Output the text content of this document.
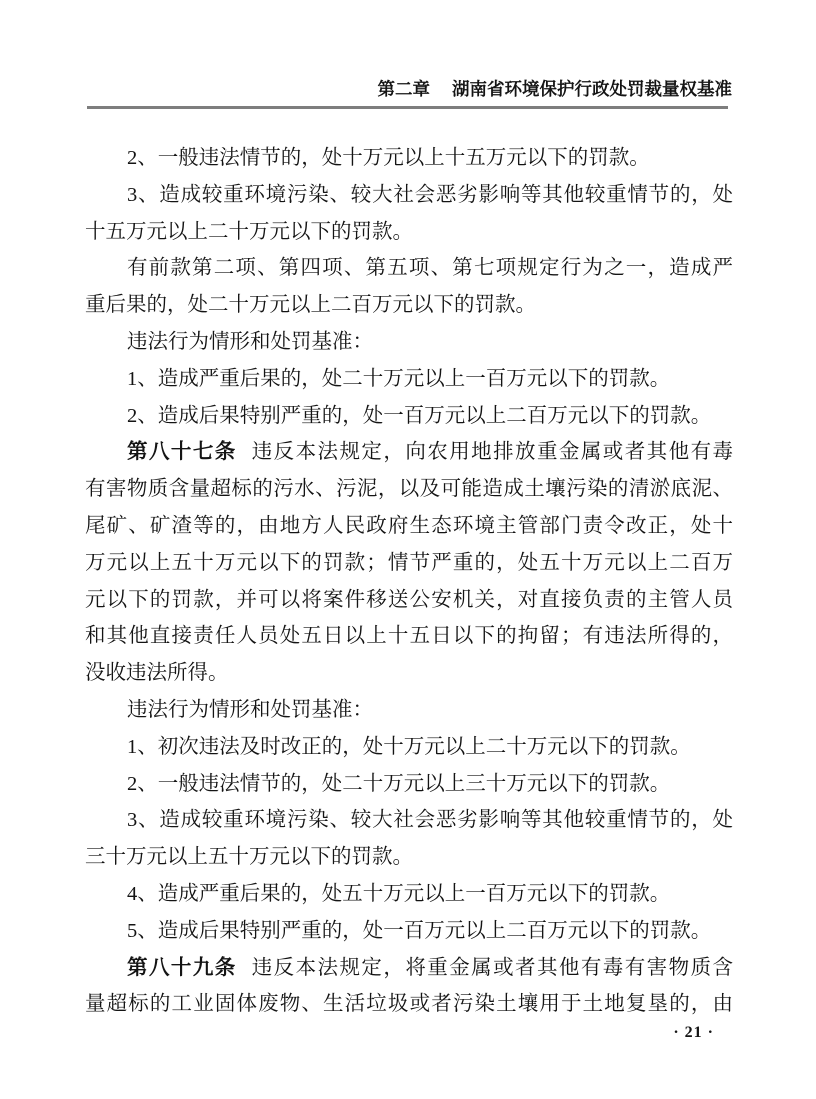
第二章 湖南省环境保护行政处罚裁量权基准
2、一般违法情节的，处十万元以上十五万元以下的罚款。
3、造成较重环境污染、较大社会恶劣影响等其他较重情节的，处
十五万元以上二十万元以下的罚款。
有前款第二项、第四项、第五项、第七项规定行为之一，造成严
重后果的，处二十万元以上二百万元以下的罚款。
违法行为情形和处罚基准：
1、造成严重后果的，处二十万元以上一百万元以下的罚款。
2、造成后果特别严重的，处一百万元以上二百万元以下的罚款。
第八十七条 违反本法规定，向农用地排放重金属或者其他有毒
有害物质含量超标的污水、污泥，以及可能造成土壤污染的清淤底泥、
尾矿、矿渣等的，由地方人民政府生态环境主管部门责令改正，处十
万元以上五十万元以下的罚款；情节严重的，处五十万元以上二百万
元以下的罚款，并可以将案件移送公安机关，对直接负责的主管人员
和其他直接责任人员处五日以上十五日以下的拘留；有违法所得的，
没收违法所得。
违法行为情形和处罚基准：
1、初次违法及时改正的，处十万元以上二十万元以下的罚款。
2、一般违法情节的，处二十万元以上三十万元以下的罚款。
3、造成较重环境污染、较大社会恶劣影响等其他较重情节的，处
三十万元以上五十万元以下的罚款。
4、造成严重后果的，处五十万元以上一百万元以下的罚款。
5、造成后果特别严重的，处一百万元以上二百万元以下的罚款。
第八十九条 违反本法规定，将重金属或者其他有毒有害物质含
量超标的工业固体废物、生活垃圾或者污染土壤用于土地复垦的，由
· 21 ·
